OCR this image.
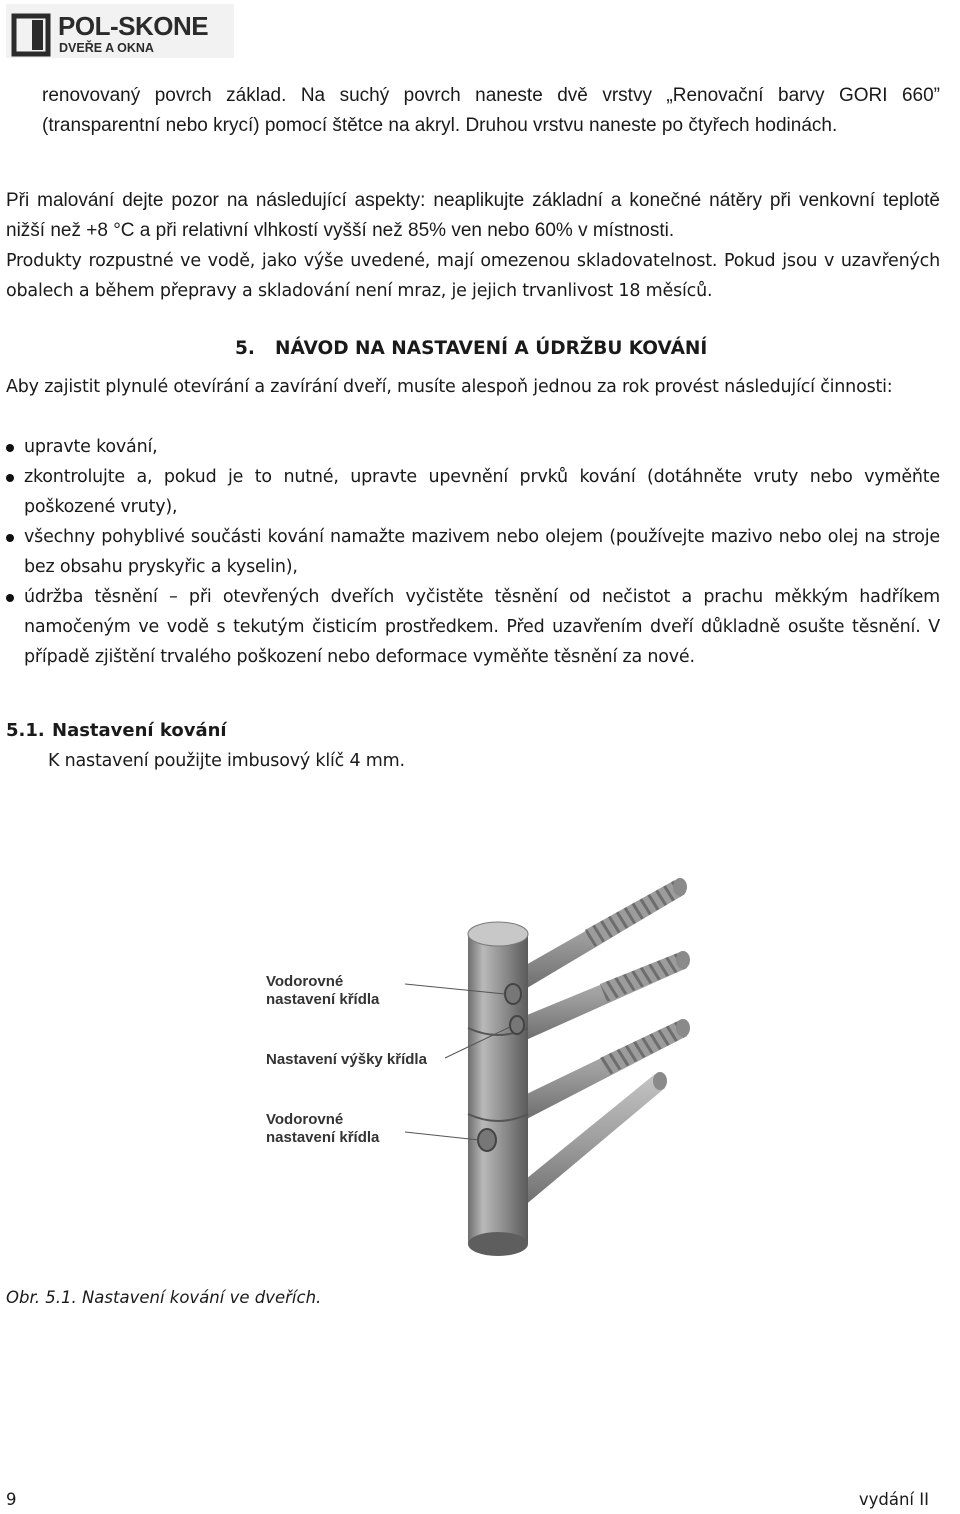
POL-SKONE
DVEŘE A OKNA

renovovaný povrch základ. Na suchý povrch naneste dvě vrstvy „Renovační barvy GORI 660” (transparentní nebo krycí) pomocí štětce na akryl. Druhou vrstvu naneste po čtyřech hodinách.

Při malování dejte pozor na následující aspekty: neaplikujte základní a konečné nátěry při venkovní teplotě nižší než +8 °C a při relativní vlhkostí vyšší než 85% ven nebo 60% v místnosti.

Produkty rozpustné ve vodě, jako výše uvedené, mají omezenou skladovatelnost. Pokud jsou v uzavřených obalech a během přepravy a skladování není mraz, je jejich trvanlivost 18 měsíců.

5. NÁVOD NA NASTAVENÍ A ÚDRŽBU KOVÁNÍ
Aby zajistit plynulé otevírání a zavírání dveří, musíte alespoň jednou za rok provést následující činnosti:
upravte kování,
zkontrolujte a, pokud je to nutné, upravte upevnění prvků kování (dotáhněte vruty nebo vyměňte poškozené vruty),
všechny pohyblivé součásti kování namažte mazivem nebo olejem (používejte mazivo nebo olej na stroje bez obsahu pryskyřic a kyselin),
údržba těsnění – při otevřených dveřích vyčistěte těsnění od nečistot a prachu měkkým hadříkem namočeným ve vodě s tekutým čisticím prostředkem. Před uzavřením dveří důkladně osušte těsnění. V případě zjištění trvalého poškození nebo deformace vyměňte těsnění za nové.
5.1. Nastavení kování
K nastavení použijte imbusový klíč 4 mm.
Vodorovné
nastavení křídla
Nastavení výšky křídla
Vodorovné
nastavení křídla
Obr. 5.1. Nastavení kování ve dveřích.
9	vydání II
